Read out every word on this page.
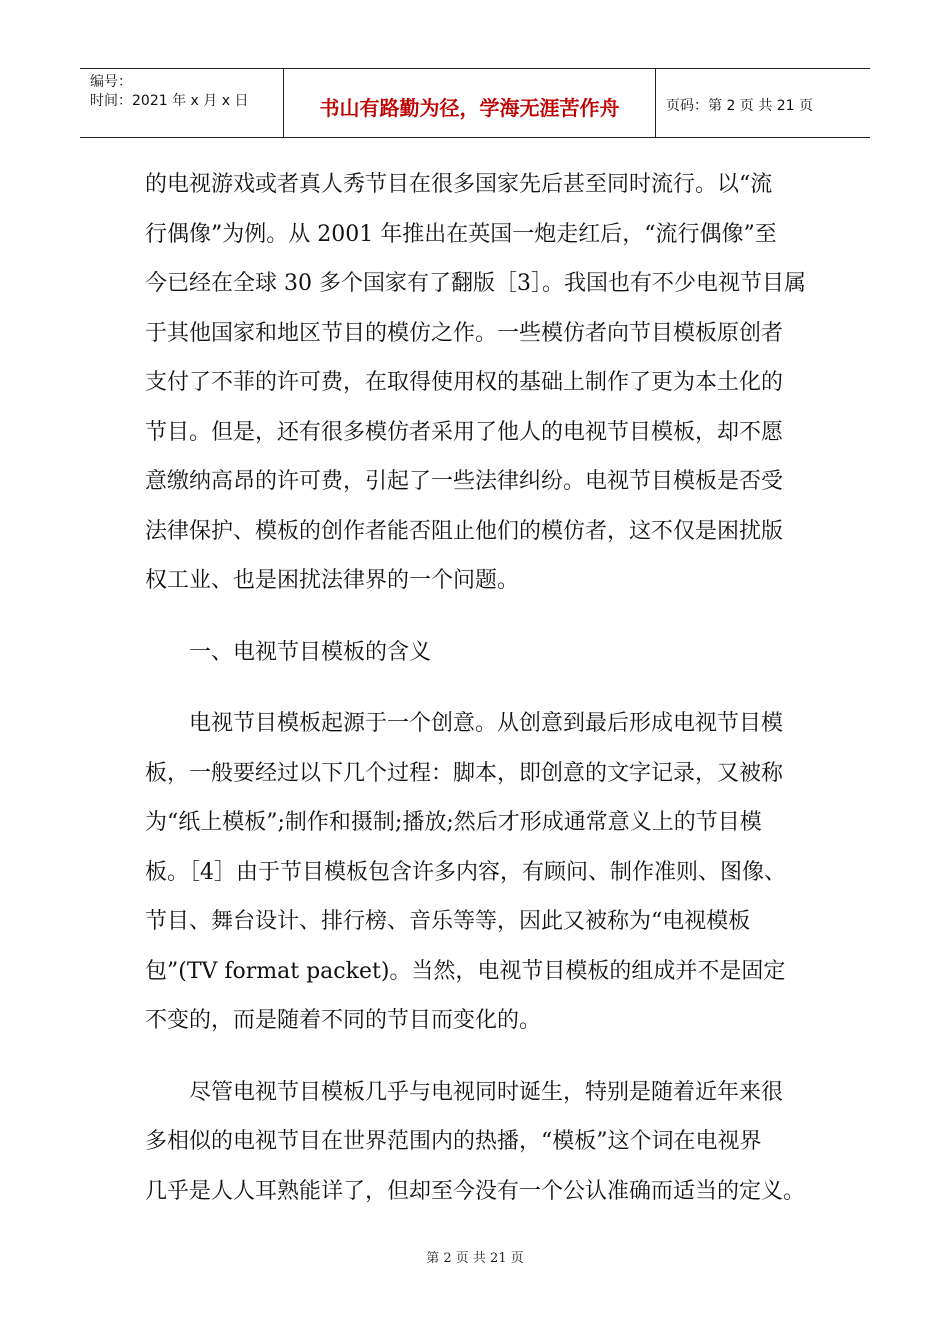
编号：
时间：2021 年 x 月 x 日	书山有路勤为径，学海无涯苦作舟	页码：第 2 页 共 21 页

的电视游戏或者真人秀节目在很多国家先后甚至同时流行。以“流

行偶像”为例。从 2001 年推出在英国一炮走红后，“流行偶像”至

今已经在全球 30 多个国家有了翻版［3］。我国也有不少电视节目属

于其他国家和地区节目的模仿之作。一些模仿者向节目模板原创者

支付了不菲的许可费，在取得使用权的基础上制作了更为本土化的

节目。但是，还有很多模仿者采用了他人的电视节目模板，却不愿

意缴纳高昂的许可费，引起了一些法律纠纷。电视节目模板是否受

法律保护、模板的创作者能否阻止他们的模仿者，这不仅是困扰版

权工业、也是困扰法律界的一个问题。

一、电视节目模板的含义

电视节目模板起源于一个创意。从创意到最后形成电视节目模

板，一般要经过以下几个过程：脚本，即创意的文字记录，又被称

为“纸上模板”;制作和摄制;播放;然后才形成通常意义上的节目模

板。［4］由于节目模板包含许多内容，有顾问、制作准则、图像、

节目、舞台设计、排行榜、音乐等等，因此又被称为“电视模板

包”(TV format packet)。当然，电视节目模板的组成并不是固定

不变的，而是随着不同的节目而变化的。

尽管电视节目模板几乎与电视同时诞生，特别是随着近年来很

多相似的电视节目在世界范围内的热播，“模板”这个词在电视界

几乎是人人耳熟能详了，但却至今没有一个公认准确而适当的定义。

第 2 页 共 21 页
